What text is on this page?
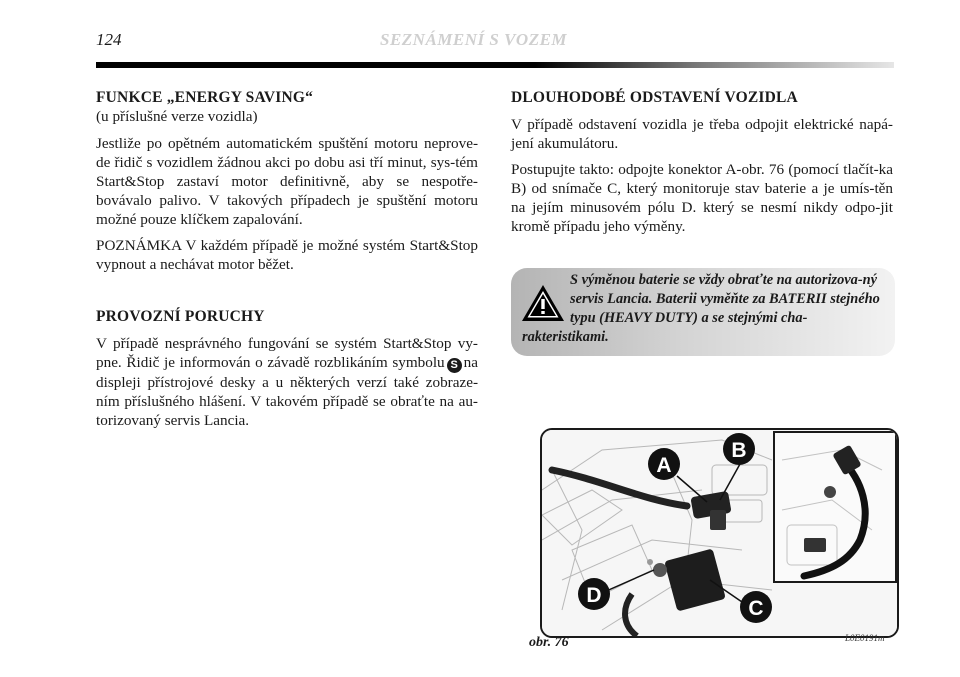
124	SEZNÁMENÍ S VOZEM
FUNKCE „ENERGY SAVING“
(u příslušné verze vozidla)

Jestliže po opětném automatickém spuštění motoru neprove-de řidič s vozidlem žádnou akci po dobu asi tří minut, sys-tém Start&Stop zastaví motor definitivně, aby se nespotře-bovávalo palivo. V takových případech je spuštění motoru možné pouze klíčkem zapalování.

POZNÁMKA V každém případě je možné systém Start&Stop vypnout a nechávat motor běžet.

PROVOZNÍ PORUCHY

V případě nesprávného fungování se systém Start&Stop vy-pne. Řidič je informován o závadě rozblikáním symbolu S na displeji přístrojové desky a u některých verzí také zobraze-ním příslušného hlášení. V takovém případě se obraťte na au-torizovaný servis Lancia.

DLOUHODOBÉ ODSTAVENÍ VOZIDLA

V případě odstavení vozidla je třeba odpojit elektrické napá-jení akumulátoru.

Postupujte takto: odpojte konektor A-obr. 76 (pomocí tlačít-ka B) od snímače C, který monitoruje stav baterie a je umís-těn na jejím minusovém pólu D. který se nesmí nikdy odpo-jit kromě případu jeho výměny.

S výměnou baterie se vždy obraťte na autorizova-ný servis Lancia. Baterii vyměňte za BATERII stejného typu (HEAVY DUTY) a se stejnými cha-rakteristikami.
A
B
C
D
obr. 76	L0E0191m
